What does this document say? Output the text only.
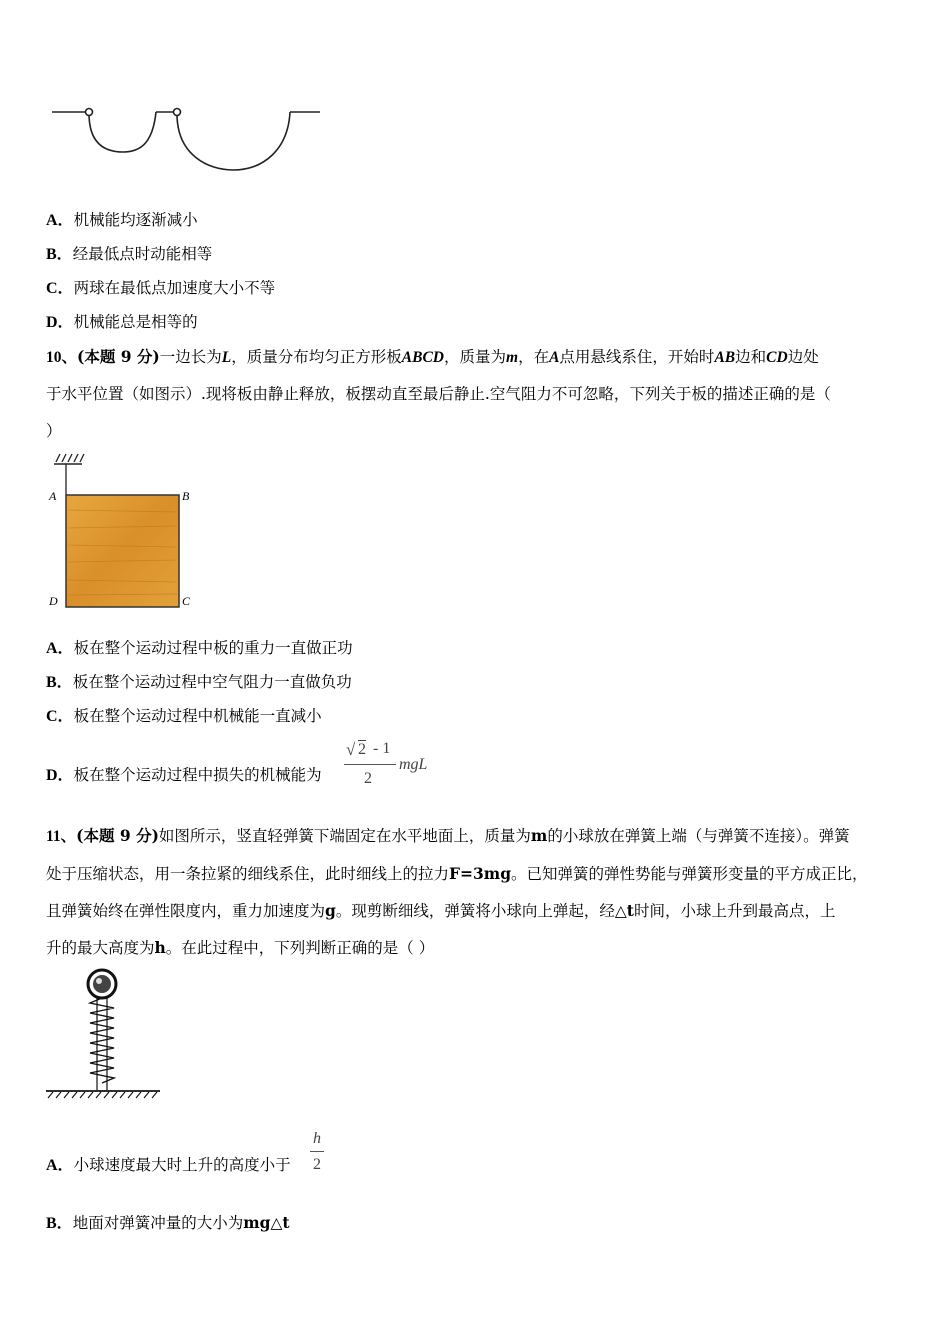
A．机械能均逐渐减小
B．经最低点时动能相等
C．两球在最低点加速度大小不等
D．机械能总是相等的
10、(本题 9 分)一边长为L，质量分布均匀正方形板ABCD，质量为m，在A点用悬线系住，开始时AB边和CD边处
于水平位置（如图示）.现将板由静止释放，板摆动直至最后静止.空气阻力不可忽略，下列关于板的描述正确的是（
）
A	B
C
D
A．板在整个运动过程中板的重力一直做正功
B．板在整个运动过程中空气阻力一直做负功
C．板在整个运动过程中机械能一直减小
D．板在整个运动过程中损失的机械能为
√ 2 - 1
2
mgL
11、(本题 9 分)如图所示，竖直轻弹簧下端固定在水平地面上，质量为m的小球放在弹簧上端（与弹簧不连接）。弹簧
处于压缩状态，用一条拉紧的细线系住，此时细线上的拉力F=3mg。已知弹簧的弹性势能与弹簧形变量的平方成正比，
且弹簧始终在弹性限度内，重力加速度为g。现剪断细线，弹簧将小球向上弹起，经△t时间，小球上升到最高点，上
升的最大高度为h。在此过程中，下列判断正确的是（ ）
A．小球速度最大时上升的高度小于
h
2
B．地面对弹簧冲量的大小为mg△t
